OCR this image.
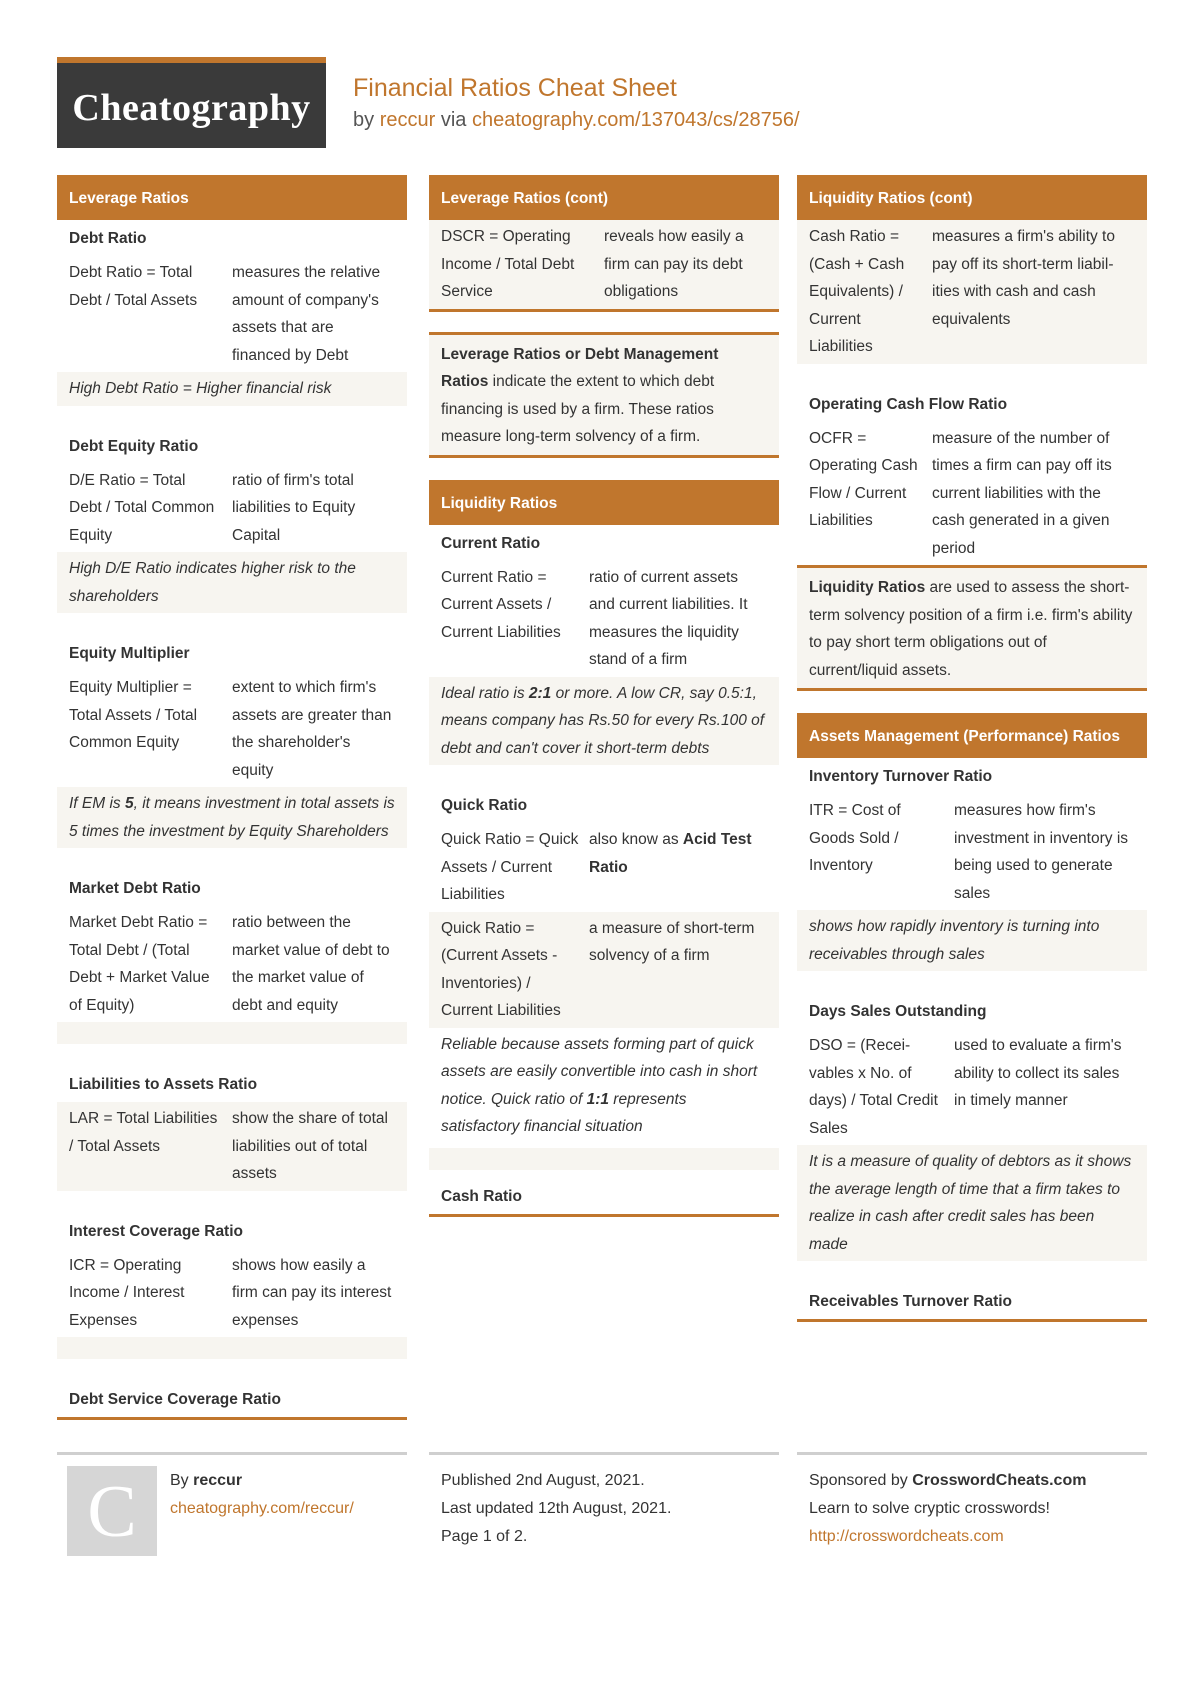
Cheatography	Financial Ratios Cheat Sheet
by reccur via cheatography.com/137043/cs/28756/
Leverage Ratios
Debt Ratio
Debt Ratio = Total Debt / Total Assets
measures the relative amount of company's assets that are financed by Debt
High Debt Ratio = Higher financial risk
Debt Equity Ratio
D/E Ratio = Total Debt / Total Common Equity
ratio of firm's total liabilities to Equity Capital
High D/E Ratio indicates higher risk to the shareholders
Equity Multiplier
Equity Multiplier = Total Assets / Total Common Equity
extent to which firm's assets are greater than the shareholder's equity
If EM is 5, it means investment in total assets is 5 times the investment by Equity Shareholders
Market Debt Ratio
Market Debt Ratio = Total Debt / (Total Debt + Market Value of Equity)
ratio between the market value of debt to the market value of debt and equity
Liabilities to Assets Ratio
LAR = Total Liabilities / Total Assets
show the share of total liabilities out of total assets
Interest Coverage Ratio
ICR = Operating Income / Interest Expenses
shows how easily a firm can pay its interest expenses
Debt Service Coverage Ratio
Leverage Ratios (cont)
DSCR = Operating Income / Total Debt Service
reveals how easily a firm can pay its debt obligations
Leverage Ratios or Debt Management Ratios indicate the extent to which debt financing is used by a firm. These ratios measure long-term solvency of a firm.
Liquidity Ratios
Current Ratio
Current Ratio = Current Assets / Current Liabilities
ratio of current assets and current liabilities. It measures the liquidity stand of a firm
Ideal ratio is 2:1 or more. A low CR, say 0.5:1, means company has Rs.50 for every Rs.100 of debt and can't cover it short-term debts
Quick Ratio
Quick Ratio = Quick Assets / Current Liabilities
also know as Acid Test Ratio
Quick Ratio = (Current Assets - Inventories) / Current Liabilities
a measure of short-term solvency of a firm
Reliable because assets forming part of quick assets are easily convertible into cash in short notice. Quick ratio of 1:1 represents satisfactory financial situation
Cash Ratio
Liquidity Ratios (cont)
Cash Ratio = (Cash + Cash Equivalents) / Current Liabilities
measures a firm's ability to pay off its short-term liabilities with cash and cash equivalents
Operating Cash Flow Ratio
OCFR = Operating Cash Flow / Current Liabilities
measure of the number of times a firm can pay off its current liabilities with the cash generated in a given period
Liquidity Ratios are used to assess the short-term solvency position of a firm i.e. firm's ability to pay short term obligations out of current/liquid assets.
Assets Management (Performance) Ratios
Inventory Turnover Ratio
ITR = Cost of Goods Sold / Inventory
measures how firm's investment in inventory is being used to generate sales
shows how rapidly inventory is turning into receivables through sales
Days Sales Outstanding
DSO = (Receivables x No. of days) / Total Credit Sales
used to evaluate a firm's ability to collect its sales in timely manner
It is a measure of quality of debtors as it shows the average length of time that a firm takes to realize in cash after credit sales has been made
Receivables Turnover Ratio
C	By reccur
cheatography.com/reccur/
Published 2nd August, 2021.
Last updated 12th August, 2021.
Page 1 of 2.
Sponsored by CrosswordCheats.com
Learn to solve cryptic crosswords!
http://crosswordcheats.com
